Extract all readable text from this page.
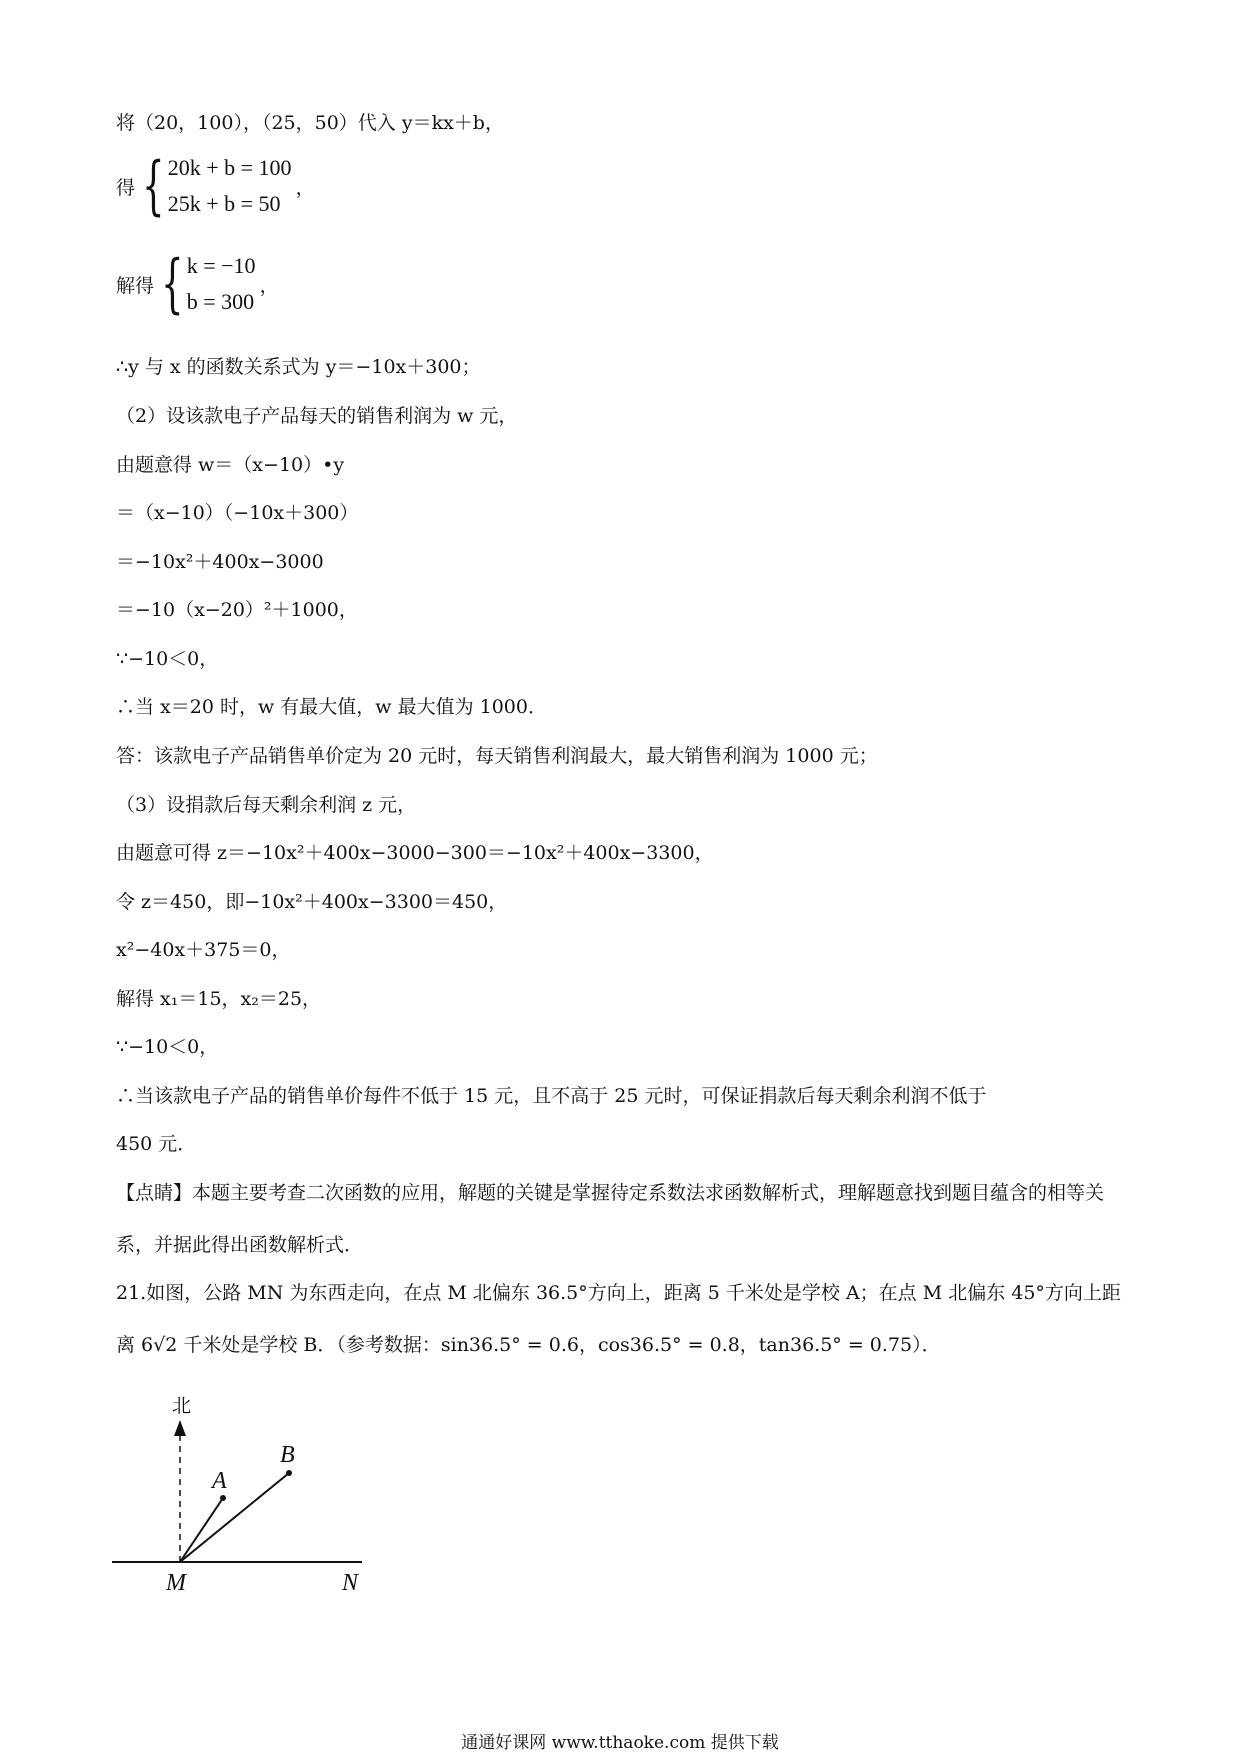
将（20，100），（25，50）代入 y＝kx＋b，
得 { 20k + b = 100
25k + b = 50
，
解得 { k = −10
b = 300
，
∴y 与 x 的函数关系式为 y＝−10x＋300；
（2）设该款电子产品每天的销售利润为 w 元，
由题意得 w＝（x−10）•y
＝（x−10）（−10x＋300）
＝−10x²＋400x−3000
＝−10（x−20）²＋1000，
∵−10＜0，
∴当 x＝20 时，w 有最大值，w 最大值为 1000．
答：该款电子产品销售单价定为 20 元时，每天销售利润最大，最大销售利润为 1000 元；
（3）设捐款后每天剩余利润 z 元，
由题意可得 z＝−10x²＋400x−3000−300＝−10x²＋400x−3300，
令 z＝450，即−10x²＋400x−3300＝450，
x²−40x＋375＝0，
解得 x₁＝15，x₂＝25，
∵−10＜0，
∴当该款电子产品的销售单价每件不低于 15 元，且不高于 25 元时，可保证捐款后每天剩余利润不低于
450 元．
【点睛】本题主要考查二次函数的应用，解题的关键是掌握待定系数法求函数解析式，理解题意找到题目蕴含的相等关系，并据此得出函数解析式．
21.如图，公路 MN 为东西走向，在点 M 北偏东 36.5°方向上，距离 5 千米处是学校 A；在点 M 北偏东 45°方向上距离 6√2 千米处是学校 B．（参考数据：sin36.5° = 0.6，cos36.5° = 0.8，tan36.5° = 0.75）．
北
A
B
M	N
通通好课网 www.tthaoke.com 提供下载
